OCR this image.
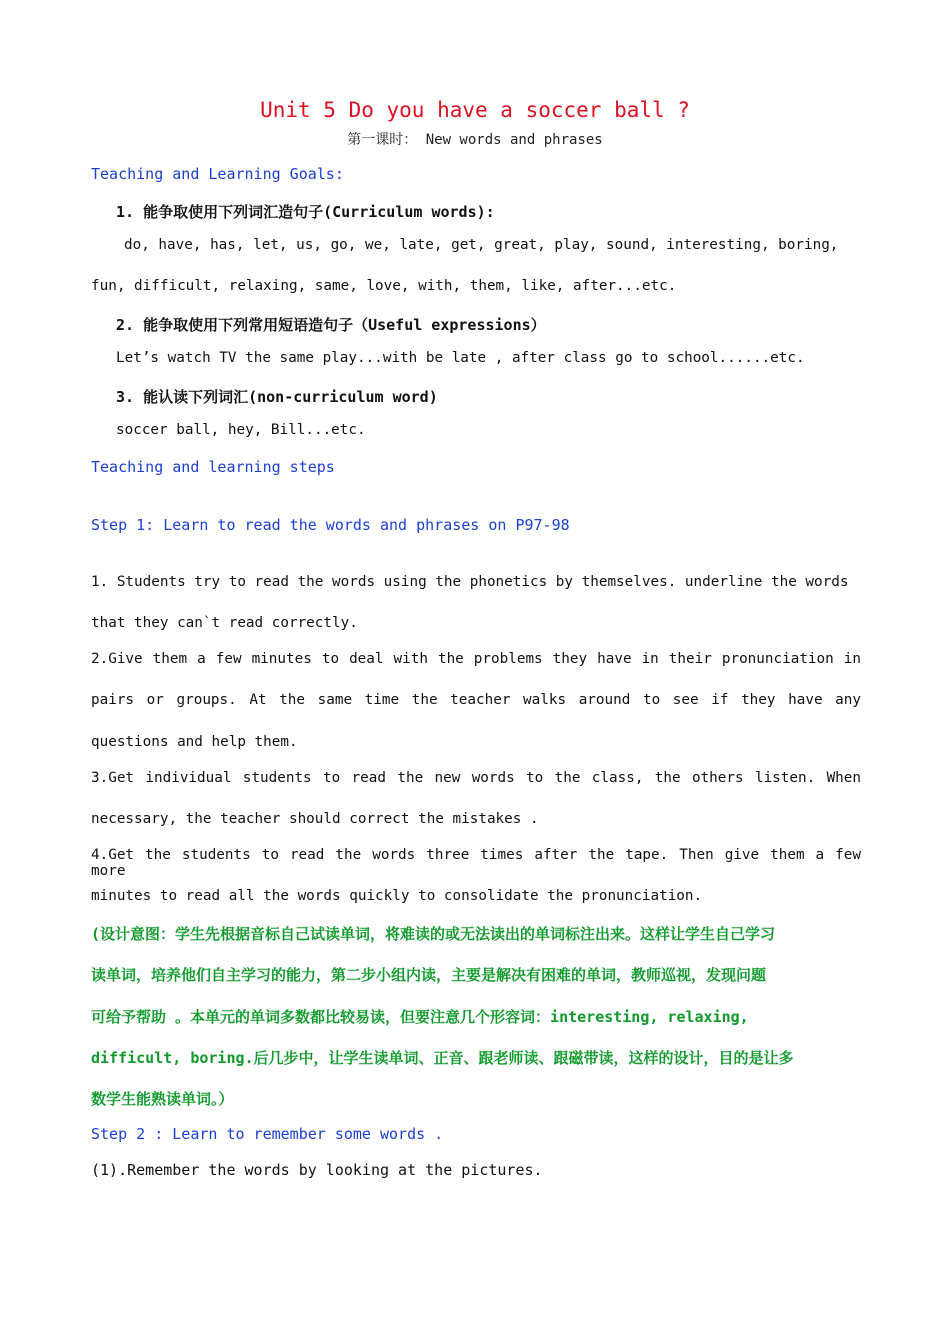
Unit 5 Do you have a soccer ball ?
第一课时： New words and phrases
Teaching and Learning Goals:
1. 能争取使用下列词汇造句子(Curriculum words):
do, have, has, let, us, go, we, late, get, great, play, sound, interesting, boring,
fun, difficult, relaxing, same, love, with, them, like, after...etc.
2. 能争取使用下列常用短语造句子（Useful expressions）
Let’s watch TV the same play...with be late , after class go to school......etc.
3. 能认读下列词汇(non-curriculum word)
soccer ball, hey, Bill...etc.
Teaching and learning steps
Step 1: Learn to read the words and phrases on P97-98
1. Students try to read the words using the phonetics by themselves. underline the words
that they can`t read correctly.
2.Give them a few minutes to deal with the problems they have in their pronunciation in
pairs or groups. At the same time the teacher walks around to see if they have any
questions and help them.
3.Get individual students to read the new words to the class, the others listen. When
necessary, the teacher should correct the mistakes .
4.Get the students to read the words three times after the tape. Then give them a few more
minutes to read all the words quickly to consolidate the pronunciation.
(设计意图：学生先根据音标自己试读单词，将难读的或无法读出的单词标注出来。这样让学生自己学习
读单词，培养他们自主学习的能力，第二步小组内读，主要是解决有困难的单词，教师巡视，发现问题
可给予帮助 。本单元的单词多数都比较易读，但要注意几个形容词：interesting, relaxing,
difficult, boring.后几步中，让学生读单词、正音、跟老师读、跟磁带读，这样的设计，目的是让多
数学生能熟读单词。）
Step 2 : Learn to remember some words .
(1).Remember the words by looking at the pictures.
